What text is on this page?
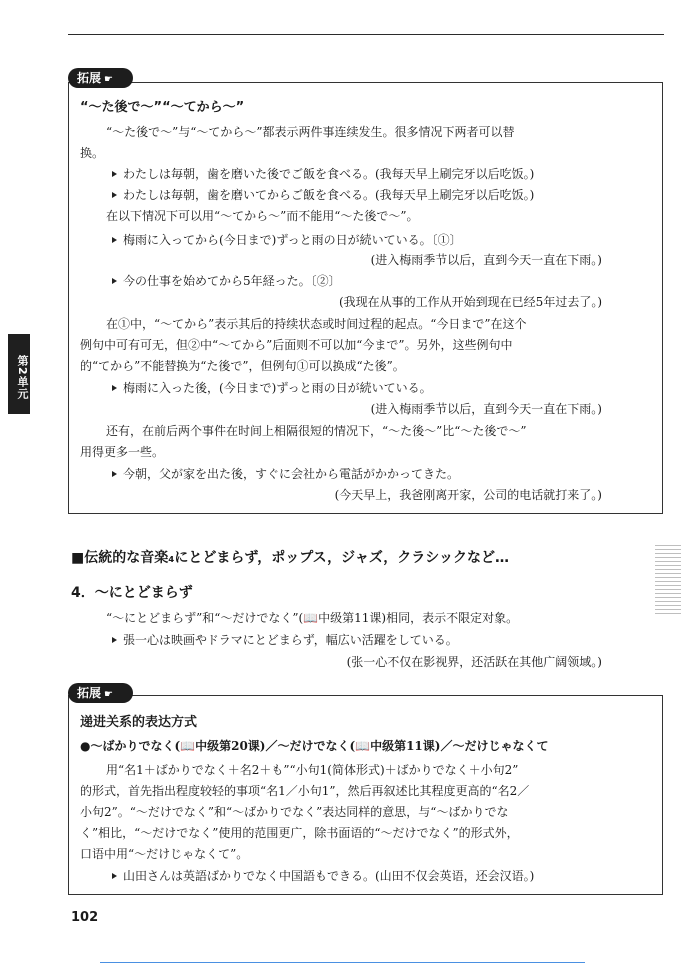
第2单元
拓展 ☛
“～た後で～”“～てから～”
“～た後で～”与“～てから～”都表示两件事连续发生。很多情况下两者可以替
换。
わたしは毎朝，歯を磨いた後でご飯を食べる。(我每天早上刷完牙以后吃饭。)
わたしは毎朝，歯を磨いてからご飯を食べる。(我每天早上刷完牙以后吃饭。)
在以下情况下可以用“～てから～”而不能用“～た後で～”。
梅雨に入ってから(今日まで)ずっと雨の日が続いている。〔①〕
(进入梅雨季节以后，直到今天一直在下雨。)
今の仕事を始めてから5年経った。〔②〕
(我现在从事的工作从开始到现在已经5年过去了。)
在①中，“～てから”表示其后的持续状态或时间过程的起点。“今日まで”在这个
例句中可有可无，但②中“～てから”后面则不可以加“今まで”。另外，这些例句中
的“てから”不能替换为“た後で”，但例句①可以换成“た後”。
梅雨に入った後，(今日まで)ずっと雨の日が続いている。
(进入梅雨季节以后，直到今天一直在下雨。)
还有，在前后两个事件在时间上相隔很短的情况下，“～た後～”比“～た後で～”
用得更多一些。
今朝，父が家を出た後，すぐに会社から電話がかかってきた。
(今天早上，我爸刚离开家，公司的电话就打来了。)
■伝統的な音楽₄にとどまらず，ポップス，ジャズ，クラシックなど…
4．～にとどまらず
“～にとどまらず”和“～だけでなく”(📖中级第11课)相同，表示不限定对象。
張一心は映画やドラマにとどまらず，幅広い活躍をしている。
(张一心不仅在影视界，还活跃在其他广阔领域。)
拓展 ☛
递进关系的表达方式
●～ばかりでなく(📖中级第20课)／～だけでなく(📖中级第11课)／～だけじゃなくて
用“名1＋ばかりでなく＋名2＋も”“小句1(简体形式)＋ばかりでなく＋小句2”
的形式，首先指出程度较轻的事项“名1／小句1”，然后再叙述比其程度更高的“名2／
小句2”。“～だけでなく”和“～ばかりでなく”表达同样的意思，与“～ばかりでな
く”相比，“～だけでなく”使用的范围更广，除书面语的“～だけでなく”的形式外，
口语中用“～だけじゃなくて”。
山田さんは英語ばかりでなく中国語もできる。(山田不仅会英语，还会汉语。)
102
